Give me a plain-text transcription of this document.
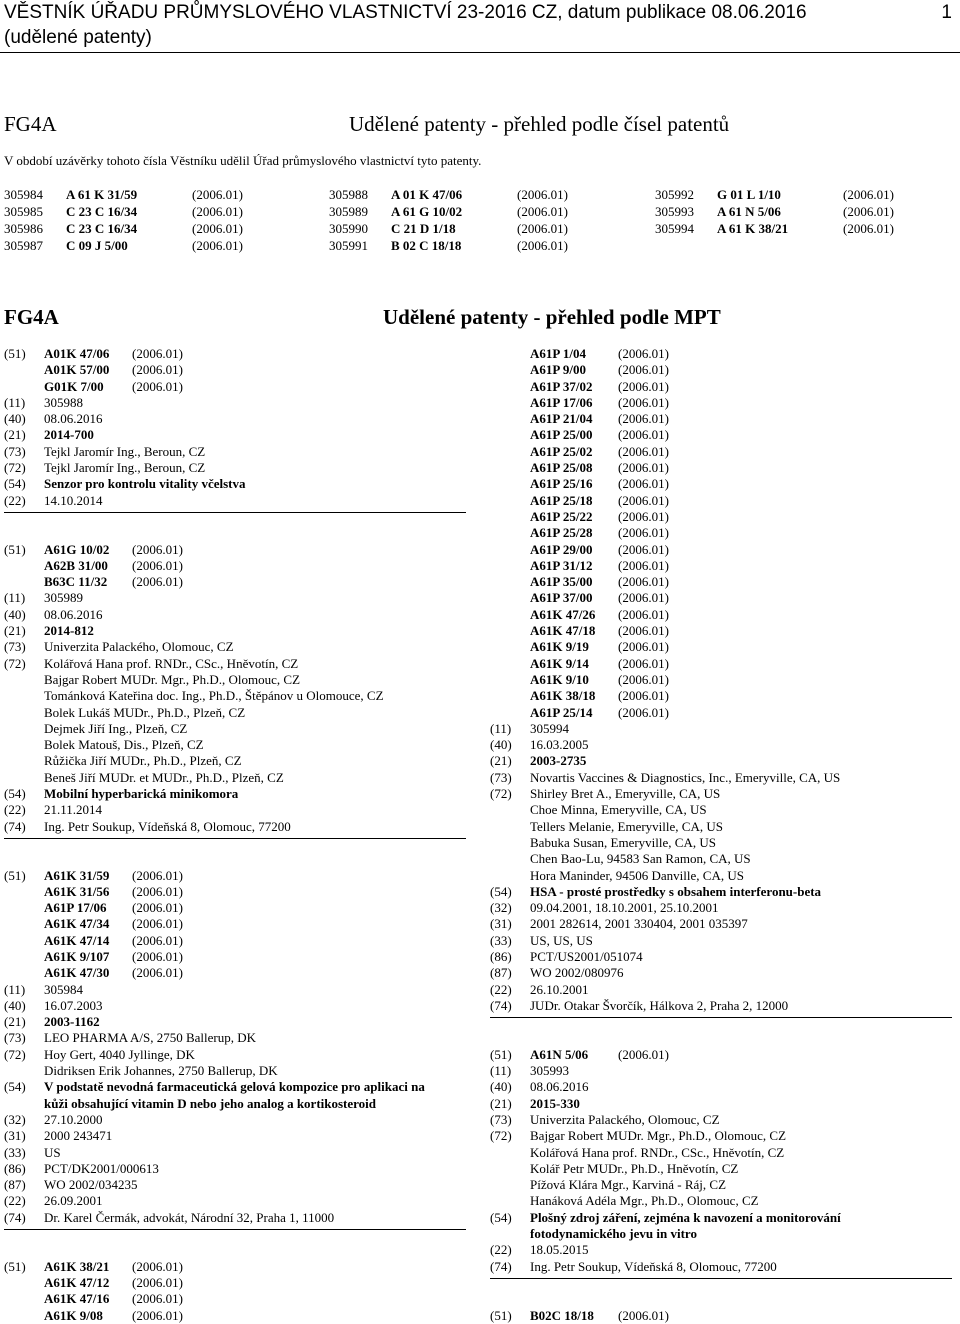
VĚSTNÍK ÚŘADU PRŮMYSLOVÉHO VLASTNICTVÍ 23-2016 CZ, datum publikace 08.06.2016
(udělené patenty)
1
FG4A	Udělené patenty - přehled podle čísel patentů
V období uzávěrky tohoto čísla Věstníku udělil Úřad průmyslového vlastnictví tyto patenty.
305984 A 61 K 31/59	(2006.01)
305985 C 23 C 16/34	(2006.01)
305986 C 23 C 16/34	(2006.01)
305987 C 09 J 5/00	(2006.01)
305988 A 01 K 47/06	(2006.01)
305989 A 61 G 10/02	(2006.01)
305990 C 21 D 1/18	(2006.01)
305991 B 02 C 18/18	(2006.01)
305992 G 01 L 1/10	(2006.01)
305993 A 61 N 5/06	(2006.01)
305994 A 61 K 38/21	(2006.01)
FG4A	Udělené patenty - přehled podle MPT
(51) A01K 47/06 (2006.01)
A01K 57/00 (2006.01)
G01K 7/00 (2006.01)
(11) 305988
(40) 08.06.2016
(21) 2014-700
(73) Tejkl Jaromír Ing., Beroun, CZ
(72) Tejkl Jaromír Ing., Beroun, CZ
(54) Senzor pro kontrolu vitality včelstva
(22) 14.10.2014
(51) A61G 10/02 (2006.01)
A62B 31/00 (2006.01)
B63C 11/32 (2006.01)
(11) 305989
(40) 08.06.2016
(21) 2014-812
(73) Univerzita Palackého, Olomouc, CZ
(72) Kolářová Hana prof. RNDr., CSc., Hněvotín, CZ
Bajgar Robert MUDr. Mgr., Ph.D., Olomouc, CZ
Tománková Kateřina doc. Ing., Ph.D., Štěpánov u Olomouce, CZ
Bolek Lukáš MUDr., Ph.D., Plzeň, CZ
Dejmek Jiří Ing., Plzeň, CZ
Bolek Matouš, Dis., Plzeň, CZ
Růžička Jiří MUDr., Ph.D., Plzeň, CZ
Beneš Jiří MUDr. et MUDr., Ph.D., Plzeň, CZ
(54) Mobilní hyperbarická minikomora
(22) 21.11.2014
(74) Ing. Petr Soukup, Vídeňská 8, Olomouc, 77200
(51) A61K 31/59 (2006.01)
A61K 31/56 (2006.01)
A61P 17/06 (2006.01)
A61K 47/34 (2006.01)
A61K 47/14 (2006.01)
A61K 9/107 (2006.01)
A61K 47/30 (2006.01)
(11) 305984
(40) 16.07.2003
(21) 2003-1162
(73) LEO PHARMA A/S, 2750 Ballerup, DK
(72) Hoy Gert, 4040 Jyllinge, DK
Didriksen Erik Johannes, 2750 Ballerup, DK
(54) V podstatě nevodná farmaceutická gelová kompozice pro aplikaci na
kůži obsahující vitamin D nebo jeho analog a kortikosteroid
(32) 27.10.2000
(31) 2000 243471
(33) US
(86) PCT/DK2001/000613
(87) WO 2002/034235
(22) 26.09.2001
(74) Dr. Karel Čermák, advokát, Národní 32, Praha 1, 11000
(51) A61K 38/21 (2006.01)
A61K 47/12 (2006.01)
A61K 47/16 (2006.01)
A61K 9/08 (2006.01)
A61P 1/04 (2006.01)
A61P 9/00 (2006.01)
A61P 37/02 (2006.01)
A61P 17/06 (2006.01)
A61P 21/04 (2006.01)
A61P 25/00 (2006.01)
A61P 25/02 (2006.01)
A61P 25/08 (2006.01)
A61P 25/16 (2006.01)
A61P 25/18 (2006.01)
A61P 25/22 (2006.01)
A61P 25/28 (2006.01)
A61P 29/00 (2006.01)
A61P 31/12 (2006.01)
A61P 35/00 (2006.01)
A61P 37/00 (2006.01)
A61K 47/26 (2006.01)
A61K 47/18 (2006.01)
A61K 9/19 (2006.01)
A61K 9/14 (2006.01)
A61K 9/10 (2006.01)
A61K 38/18 (2006.01)
A61P 25/14 (2006.01)
(11) 305994
(40) 16.03.2005
(21) 2003-2735
(73) Novartis Vaccines & Diagnostics, Inc., Emeryville, CA, US
(72) Shirley Bret A., Emeryville, CA, US
Choe Minna, Emeryville, CA, US
Tellers Melanie, Emeryville, CA, US
Babuka Susan, Emeryville, CA, US
Chen Bao-Lu, 94583 San Ramon, CA, US
Hora Maninder, 94506 Danville, CA, US
(54) HSA - prosté prostředky s obsahem interferonu-beta
(32) 09.04.2001, 18.10.2001, 25.10.2001
(31) 2001 282614, 2001 330404, 2001 035397
(33) US, US, US
(86) PCT/US2001/051074
(87) WO 2002/080976
(22) 26.10.2001
(74) JUDr. Otakar Švorčík, Hálkova 2, Praha 2, 12000
(51) A61N 5/06 (2006.01)
(11) 305993
(40) 08.06.2016
(21) 2015-330
(73) Univerzita Palackého, Olomouc, CZ
(72) Bajgar Robert MUDr. Mgr., Ph.D., Olomouc, CZ
Kolářová Hana prof. RNDr., CSc., Hněvotín, CZ
Kolář Petr MUDr., Ph.D., Hněvotín, CZ
Pížová Klára Mgr., Karviná - Ráj, CZ
Hanáková Adéla Mgr., Ph.D., Olomouc, CZ
(54) Plošný zdroj záření, zejména k navození a monitorování
fotodynamického jevu in vitro
(22) 18.05.2015
(74) Ing. Petr Soukup, Vídeňská 8, Olomouc, 77200
(51) B02C 18/18 (2006.01)
